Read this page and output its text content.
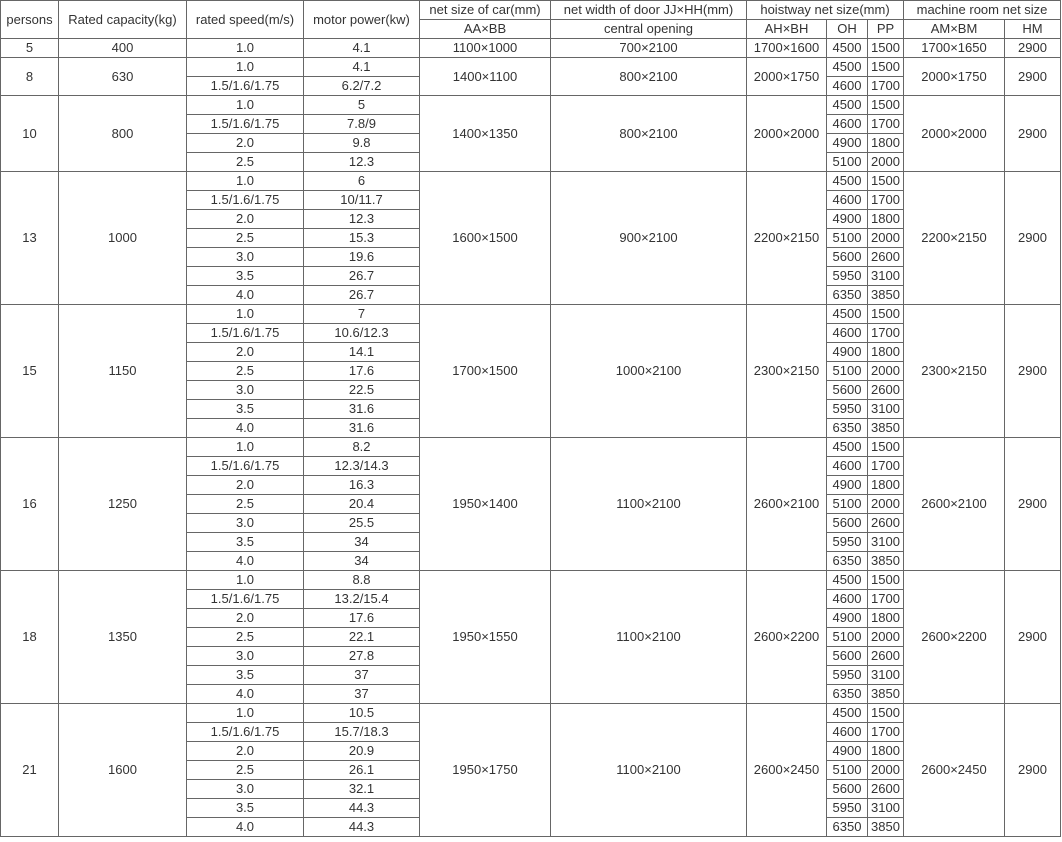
persons	Rated capacity(kg)	rated speed(m/s)	motor power(kw)	net size of car(mm)	net width of door JJ×HH(mm)	hoistway net size(mm)			machine room net size	
				AA×BB	central opening	AH×BH	OH	PP	AM×BM	HM
5	400	1.0	4.1	1100×1000	700×2100	1700×1600	4500	1500	1700×1650	2900
8	630	1.0	4.1	1400×1100	800×2100	2000×1750	4500	1500	2000×1750	2900
		1.5/1.6/1.75	6.2/7.2				4600	1700		
10	800	1.0	5	1400×1350	800×2100	2000×2000	4500	1500	2000×2000	2900
		1.5/1.6/1.75	7.8/9				4600	1700		
		2.0	9.8				4900	1800		
		2.5	12.3				5100	2000		
13	1000	1.0	6	1600×1500	900×2100	2200×2150	4500	1500	2200×2150	2900
		1.5/1.6/1.75	10/11.7				4600	1700		
		2.0	12.3				4900	1800		
		2.5	15.3				5100	2000		
		3.0	19.6				5600	2600		
		3.5	26.7				5950	3100		
		4.0	26.7				6350	3850		
15	1150	1.0	7	1700×1500	1000×2100	2300×2150	4500	1500	2300×2150	2900
		1.5/1.6/1.75	10.6/12.3				4600	1700		
		2.0	14.1				4900	1800		
		2.5	17.6				5100	2000		
		3.0	22.5				5600	2600		
		3.5	31.6				5950	3100		
		4.0	31.6				6350	3850		
16	1250	1.0	8.2	1950×1400	1100×2100	2600×2100	4500	1500	2600×2100	2900
		1.5/1.6/1.75	12.3/14.3				4600	1700		
		2.0	16.3				4900	1800		
		2.5	20.4				5100	2000		
		3.0	25.5				5600	2600		
		3.5	34				5950	3100		
		4.0	34				6350	3850		
18	1350	1.0	8.8	1950×1550	1100×2100	2600×2200	4500	1500	2600×2200	2900
		1.5/1.6/1.75	13.2/15.4				4600	1700		
		2.0	17.6				4900	1800		
		2.5	22.1				5100	2000		
		3.0	27.8				5600	2600		
		3.5	37				5950	3100		
		4.0	37				6350	3850		
21	1600	1.0	10.5	1950×1750	1100×2100	2600×2450	4500	1500	2600×2450	2900
		1.5/1.6/1.75	15.7/18.3				4600	1700		
		2.0	20.9				4900	1800		
		2.5	26.1				5100	2000		
		3.0	32.1				5600	2600		
		3.5	44.3				5950	3100		
		4.0	44.3				6350	3850		
